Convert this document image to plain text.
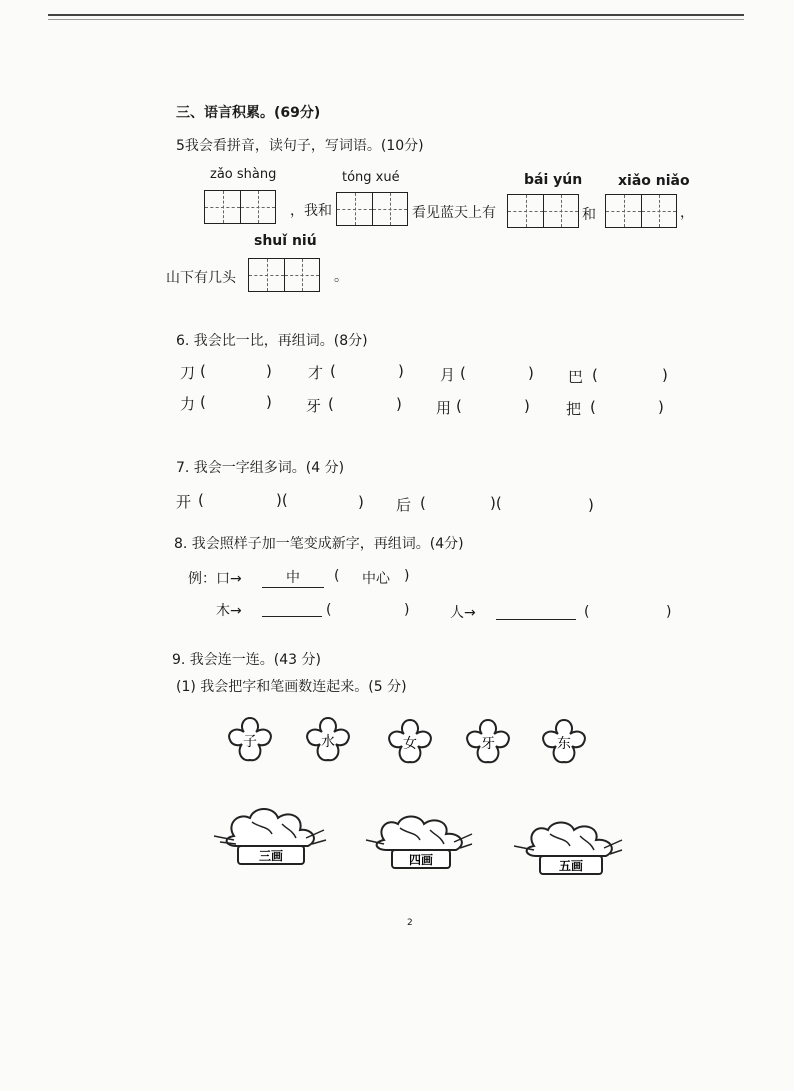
三、语言积累。(69分)
5我会看拼音，读句子，写词语。(10分)
zǎo shàng	tóng xué	bái yún	xiǎo niǎo
，我和	看见蓝天上有	和	，
shuǐ niú
山下有几头	。
6. 我会比一比，再组词。(8分)
刀 (	) 才 (	) 月 (	) 巴 (	)
力 (	) 牙 (	) 用 (	) 把 (	)
7. 我会一字组多词。(4 分)
开 (	)(	) 后 (	)(	)
8. 我会照样子加一笔变成新字，再组词。(4分)
例：口→	中	( 中心 )
木→	(	)	人→	(	)
9. 我会连一连。(43 分)
(1) 我会把字和笔画数连起来。(5 分)
子	水	女	牙	东
三画	四画	五画
2
